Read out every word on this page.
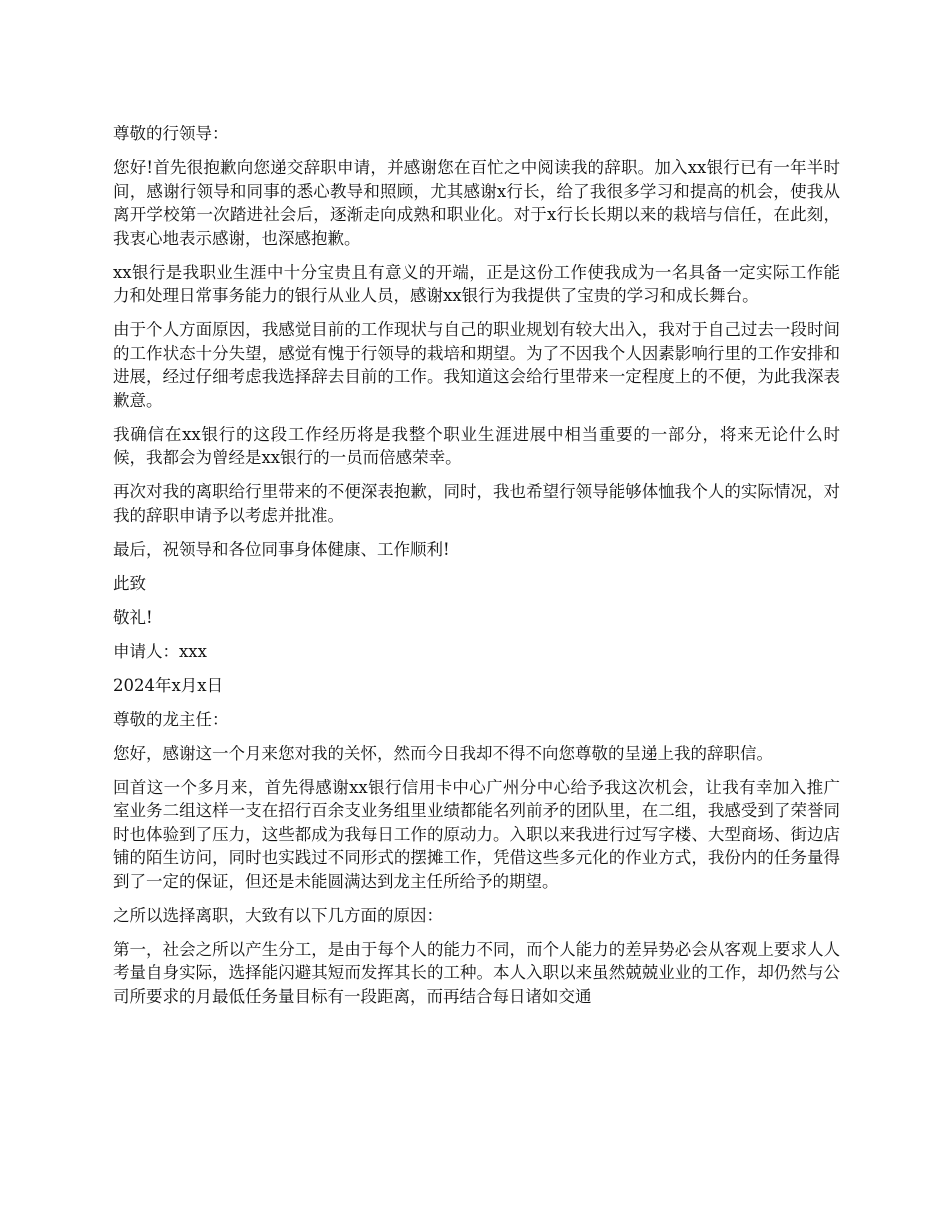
尊敬的行领导：

您好!首先很抱歉向您递交辞职申请，并感谢您在百忙之中阅读我的辞职。加入xx银行已有一年半时间，感谢行领导和同事的悉心教导和照顾，尤其感谢x行长，给了我很多学习和提高的机会，使我从离开学校第一次踏进社会后，逐渐走向成熟和职业化。对于x行长长期以来的栽培与信任，在此刻，我衷心地表示感谢，也深感抱歉。

xx银行是我职业生涯中十分宝贵且有意义的开端，正是这份工作使我成为一名具备一定实际工作能力和处理日常事务能力的银行从业人员，感谢xx银行为我提供了宝贵的学习和成长舞台。

由于个人方面原因，我感觉目前的工作现状与自己的职业规划有较大出入，我对于自己过去一段时间的工作状态十分失望，感觉有愧于行领导的栽培和期望。为了不因我个人因素影响行里的工作安排和进展，经过仔细考虑我选择辞去目前的工作。我知道这会给行里带来一定程度上的不便，为此我深表歉意。

我确信在xx银行的这段工作经历将是我整个职业生涯进展中相当重要的一部分，将来无论什么时候，我都会为曾经是xx银行的一员而倍感荣幸。

再次对我的离职给行里带来的不便深表抱歉，同时，我也希望行领导能够体恤我个人的实际情况，对我的辞职申请予以考虑并批准。

最后，祝领导和各位同事身体健康、工作顺利!

此致

敬礼!

申请人：xxx

2024年x月x日

尊敬的龙主任：

您好，感谢这一个月来您对我的关怀，然而今日我却不得不向您尊敬的呈递上我的辞职信。

回首这一个多月来，首先得感谢xx银行信用卡中心广州分中心给予我这次机会，让我有幸加入推广室业务二组这样一支在招行百余支业务组里业绩都能名列前矛的团队里，在二组，我感受到了荣誉同时也体验到了压力，这些都成为我每日工作的原动力。入职以来我进行过写字楼、大型商场、街边店铺的陌生访问，同时也实践过不同形式的摆摊工作，凭借这些多元化的作业方式，我份内的任务量得到了一定的保证，但还是未能圆满达到龙主任所给予的期望。

之所以选择离职，大致有以下几方面的原因：

第一，社会之所以产生分工，是由于每个人的能力不同，而个人能力的差异势必会从客观上要求人人考量自身实际，选择能闪避其短而发挥其长的工种。本人入职以来虽然兢兢业业的工作，却仍然与公司所要求的月最低任务量目标有一段距离，而再结合每日诸如交通
